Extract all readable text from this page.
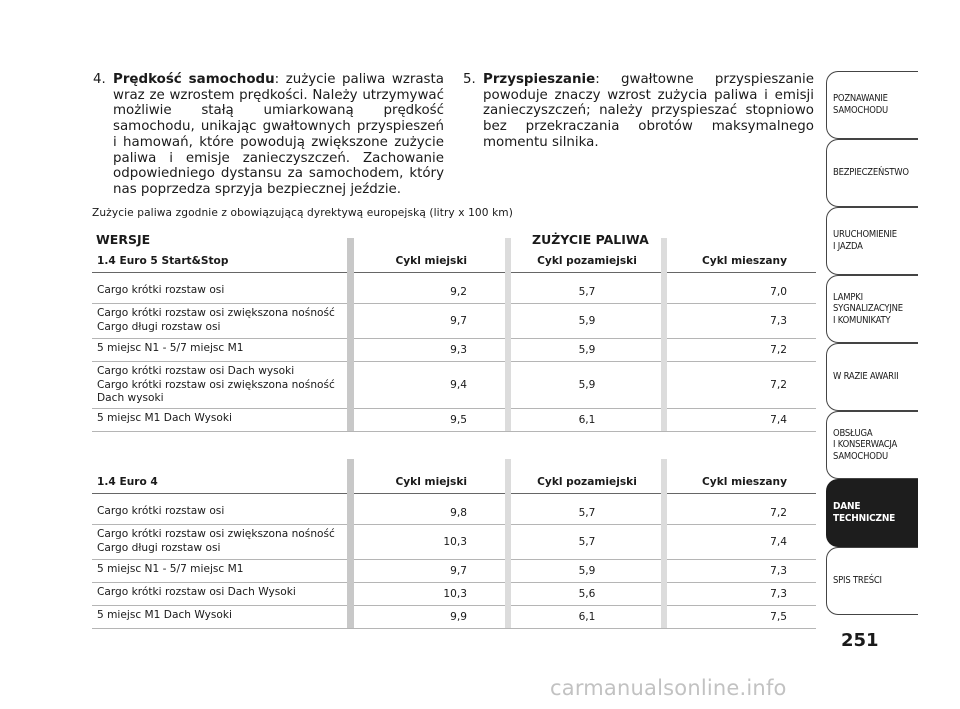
4. Prędkość samochodu: zużycie paliwa wzrasta wraz ze wzrostem prędkości. Należy utrzymywać możliwie stałą umiarkowaną prędkość samochodu, unikając gwałtownych przyspieszeń i hamowań, które powodują zwiększone zużycie paliwa i emisje zanieczyszczeń. Zachowanie odpowiedniego dystansu za samochodem, który nas poprzedza sprzyja bezpiecznej jeździe.
5. Przyspieszanie: gwałtowne przyspieszanie powoduje znaczy wzrost zużycia paliwa i emisji zanieczyszczeń; należy przyspieszać stopniowo bez przekraczania obrotów maksymalnego momentu silnika.
Zużycie paliwa zgodnie z obowiązującą dyrektywą europejską (litry x 100 km)
WERSJE	ZUŻYCIE PALIWA
1.4 Euro 5 Start&Stop	Cykl miejski	Cykl pozamiejski	Cykl mieszany
Cargo krótki rozstaw osi	9,2	5,7	7,0
Cargo krótki rozstaw osi zwiększona nośność
Cargo długi rozstaw osi	9,7	5,9	7,3
5 miejsc N1 - 5/7 miejsc M1	9,3	5,9	7,2
Cargo krótki rozstaw osi Dach wysoki
Cargo krótki rozstaw osi zwiększona nośność
Dach wysoki
9,4	5,9	7,2
5 miejsc M1 Dach Wysoki	9,5	6,1	7,4
1.4 Euro 4	Cykl miejski	Cykl pozamiejski	Cykl mieszany
Cargo krótki rozstaw osi	9,8	5,7	7,2
Cargo krótki rozstaw osi zwiększona nośność
Cargo długi rozstaw osi	10,3	5,7	7,4
5 miejsc N1 - 5/7 miejsc M1	9,7	5,9	7,3
Cargo krótki rozstaw osi Dach Wysoki	10,3	5,6	7,3
5 miejsc M1 Dach Wysoki	9,9	6,1	7,5
POZNAWANIE
SAMOCHODU
BEZPIECZEŃSTWO
URUCHOMIENIE
I JAZDA
LAMPKI
SYGNALIZACYJNE
I KOMUNIKATY
W RAZIE AWARII
OBSŁUGA
I KONSERWACJA
SAMOCHODU
DANE
TECHNICZNE
SPIS TREŚCI
251
carmanualsonline.info
